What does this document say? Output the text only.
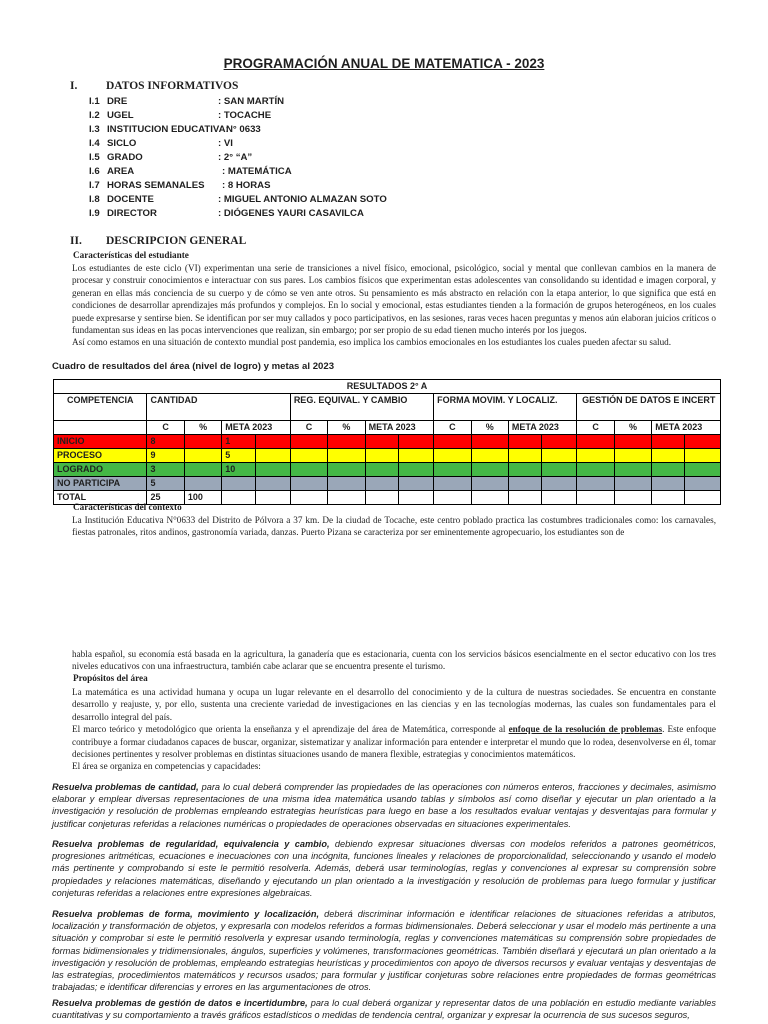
PROGRAMACIÓN ANUAL DE MATEMATICA - 2023
I. DATOS INFORMATIVOS
I.1 DRE	: SAN MARTÍN
I.2 UGEL	: TOCACHE
I.3 INSTITUCION EDUCATIVA:
N° 0633
I.4 SICLO	: VI
I.5 GRADO	: 2° “A”
I.6 AREA	: MATEMÁTICA
I.7 HORAS SEMANALES : 8 HORAS
I.8 DOCENTE	: MIGUEL ANTONIO ALMAZAN SOTO
I.9 DIRECTOR	: DIÓGENES YAURI CASAVILCA
II. DESCRIPCION GENERAL
Características del estudiante

Los estudiantes de este ciclo (VI) experimentan una serie de transiciones a nivel físico, emocional, psicológico, social y mental que conllevan cambios en la manera de procesar y construir conocimientos e interactuar con sus pares. Los cambios físicos que experimentan estas adolescentes van consolidando su identidad e imagen corporal, y generan en ellas más conciencia de su cuerpo y de cómo se ven ante otros. Su pensamiento es más abstracto en relación con la etapa anterior, lo que significa que está en condiciones de desarrollar aprendizajes más profundos y complejos. En lo social y emocional, estas estudiantes tienden a la formación de grupos heterogéneos, en los cuales puede expresarse y sentirse bien. Se identifican por ser muy callados y poco participativos, en las sesiones, raras veces hacen preguntas y menos aún elaboran juicios críticos o fundamentan sus ideas en las pocas intervenciones que realizan, sin embargo; por ser propio de su edad tienen mucho interés por los juegos.

Así como estamos en una situación de contexto mundial post pandemia, eso implica los cambios emocionales en los estudiantes los cuales pueden afectar su salud.

Cuadro de resultados del área (nivel de logro) y metas al 2023
RESULTADOS 2° A																
COMPETENCIA	CANTIDAD				REG. EQUIVAL. Y CAMBIO				FORMA MOVIM. Y LOCALIZ.				GESTIÓN DE DATOS E INCERT			
	C	%	META 2023		C	%	META 2023		C	%	META 2023		C	%	META 2023	
INICIO	8		1													
PROCESO	9		5													
LOGRADO	3		10													
NO PARTICIPA	5															
TOTAL	25	100														
Características del contexto
La Institución Educativa N°0633 del Distrito de Pólvora a 37 km. De la ciudad de Tocache, este centro poblado practica las costumbres tradicionales como: los carnavales, fiestas patronales, ritos andinos, gastronomía variada, danzas. Puerto Pizana se caracteriza por ser eminentemente agropecuario, los estudiantes son de
habla español, su economía está basada en la agricultura, la ganadería que es estacionaria, cuenta con los servicios básicos esencialmente en el sector educativo con los tres niveles educativos con una infraestructura, también cabe aclarar que se encuentra presente el turismo.
Propósitos del área

La matemática es una actividad humana y ocupa un lugar relevante en el desarrollo del conocimiento y de la cultura de nuestras sociedades. Se encuentra en constante desarrollo y reajuste, y, por ello, sustenta una creciente variedad de investigaciones en las ciencias y en las tecnologías modernas, las cuales son fundamentales para el desarrollo integral del país.

El marco teórico y metodológico que orienta la enseñanza y el aprendizaje del área de Matemática, corresponde al enfoque de la resolución de problemas. Este enfoque contribuye a formar ciudadanos capaces de buscar, organizar, sistematizar y analizar información para entender e interpretar el mundo que lo rodea, desenvolverse en él, tomar decisiones pertinentes y resolver problemas en distintas situaciones usando de manera flexible, estrategias y conocimientos matemáticos.

El área se organiza en competencias y capacidades:

Resuelva problemas de cantidad, para lo cual deberá comprender las propiedades de las operaciones con números enteros, fracciones y decimales, asimismo elaborar y emplear diversas representaciones de una misma idea matemática usando tablas y símbolos así como diseñar y ejecutar un plan orientado a la investigación y resolución de problemas empleando estrategias heurísticas para luego en base a los resultados evaluar ventajas y desventajas para formular y justificar conjeturas referidas a relaciones numéricas o propiedades de operaciones observadas en situaciones experimentales.
Resuelva problemas de regularidad, equivalencia y cambio, debiendo expresar situaciones diversas con modelos referidos a patrones geométricos, progresiones aritméticas, ecuaciones e inecuaciones con una incógnita, funciones lineales y relaciones de proporcionalidad, seleccionando y usando el modelo más pertinente y comprobando si este le permitió resolverla. Además, deberá usar terminologías, reglas y convenciones al expresar su comprensión sobre propiedades y relaciones matemáticas, diseñando y ejecutando un plan orientado a la investigación y resolución de problemas para luego formular y justificar conjeturas referidas a relaciones entre expresiones algebraicas.
Resuelva problemas de forma, movimiento y localización, deberá discriminar información e identificar relaciones de situaciones referidas a atributos, localización y transformación de objetos, y expresarla con modelos referidos a formas bidimensionales. Deberá seleccionar y usar el modelo más pertinente a una situación y comprobar si este le permitió resolverla y expresar usando terminología, reglas y convenciones matemáticas su comprensión sobre propiedades de formas bidimensionales y tridimensionales, ángulos, superficies y volúmenes, transformaciones geométricas. También diseñará y ejecutará un plan orientado a la investigación y resolución de problemas, empleando estrategias heurísticas y procedimientos con apoyo de diversos recursos y evaluar ventajas y desventajas de las estrategias, procedimientos matemáticos y recursos usados; para formular y justificar conjeturas sobre relaciones entre propiedades de formas geométricas trabajadas; e identificar diferencias y errores en las argumentaciones de otros.
Resuelva problemas de gestión de datos e incertidumbre, para lo cual deberá organizar y representar datos de una población en estudio mediante variables cuantitativas y su comportamiento a través gráficos estadísticos o medidas de tendencia central, organizar y expresar la ocurrencia de sus sucesos seguros,
